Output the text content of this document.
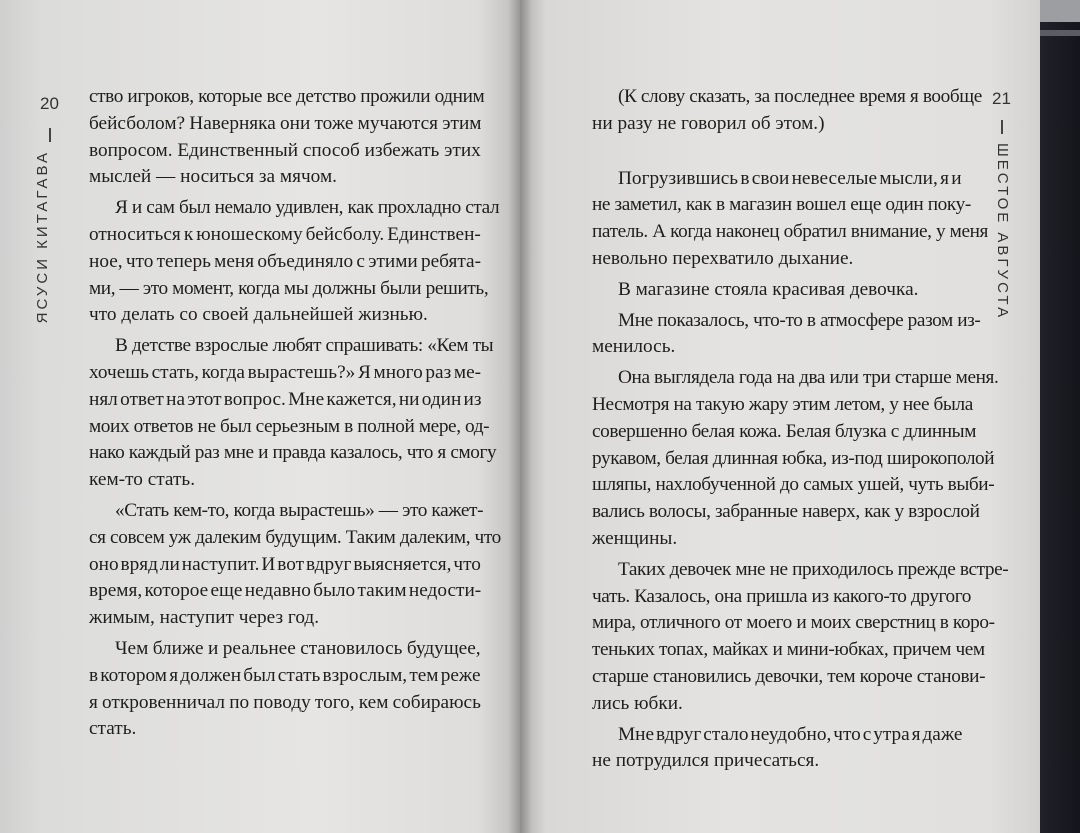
20
ЯСУСИ КИТАГАВА
21
ШЕСТОЕ АВГУСТА
ство игроков, которые все детство прожили одним
бейсболом? Наверняка они тоже мучаются этим
вопросом. Единственный способ избежать этих
мыслей — носиться за мячом.
Я и сам был немало удивлен, как прохладно стал
относиться к юношескому бейсболу. Единствен-
ное, что теперь меня объединяло с этими ребята-
ми, — это момент, когда мы должны были решить,
что делать со своей дальнейшей жизнью.
В детстве взрослые любят спрашивать: «Кем ты
хочешь стать, когда вырастешь?» Я много раз ме-
нял ответ на этот вопрос. Мне кажется, ни один из
моих ответов не был серьезным в полной мере, од-
нако каждый раз мне и правда казалось, что я смогу
кем-то стать.
«Стать кем-то, когда вырастешь» — это кажет-
ся совсем уж далеким будущим. Таким далеким, что
оно вряд ли наступит. И вот вдруг выясняется, что
время, которое еще недавно было таким недости-
жимым, наступит через год.
Чем ближе и реальнее становилось будущее,
в котором я должен был стать взрослым, тем реже
я откровенничал по поводу того, кем собираюсь
стать.
(К слову сказать, за последнее время я вообще
ни разу не говорил об этом.)
Погрузившись в свои невеселые мысли, я и
не заметил, как в магазин вошел еще один поку-
патель. А когда наконец обратил внимание, у меня
невольно перехватило дыхание.
В магазине стояла красивая девочка.
Мне показалось, что-то в атмосфере разом из-
менилось.
Она выглядела года на два или три старше меня.
Несмотря на такую жару этим летом, у нее была
совершенно белая кожа. Белая блузка с длинным
рукавом, белая длинная юбка, из-под широкополой
шляпы, нахлобученной до самых ушей, чуть выби-
вались волосы, забранные наверх, как у взрослой
женщины.
Таких девочек мне не приходилось прежде встре-
чать. Казалось, она пришла из какого-то другого
мира, отличного от моего и моих сверстниц в коро-
теньких топах, майках и мини-юбках, причем чем
старше становились девочки, тем короче станови-
лись юбки.
Мне вдруг стало неудобно, что с утра я даже
не потрудился причесаться.
